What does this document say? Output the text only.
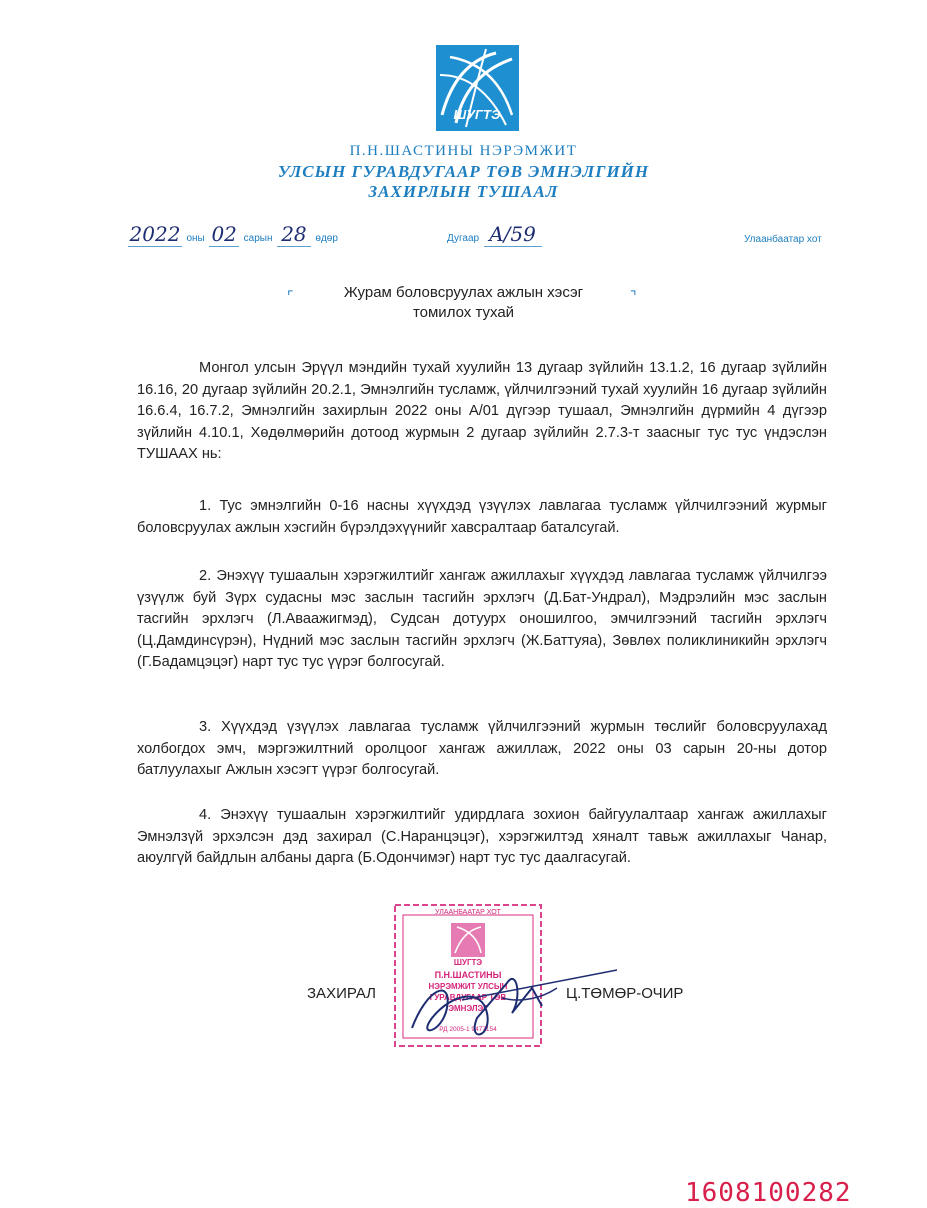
ШУГТЭ
П.Н.ШАСТИНЫ НЭРЭМЖИТ
УЛСЫН ГУРАВДУГААР ТӨВ ЭМНЭЛГИЙН
ЗАХИРЛЫН ТУШААЛ
2022 оны 02 сарын 28 өдөр	Дугаар A/59	Улаанбаатар хот
⌜	⌝
Журам боловсруулах ажлын хэсэг
томилох тухай
Монгол улсын Эрүүл мэндийн тухай хуулийн 13 дугаар зүйлийн 13.1.2, 16 дугаар зүйлийн 16.16, 20 дугаар зүйлийн 20.2.1, Эмнэлгийн тусламж, үйлчилгээний тухай хуулийн 16 дугаар зүйлийн 16.6.4, 16.7.2, Эмнэлгийн захирлын 2022 оны А/01 дүгээр тушаал, Эмнэлгийн дүрмийн 4 дүгээр зүйлийн 4.10.1, Хөдөлмөрийн дотоод журмын 2 дугаар зүйлийн 2.7.3-т заасныг тус тус үндэслэн ТУШААХ нь:
1. Тус эмнэлгийн 0-16 насны хүүхдэд үзүүлэх лавлагаа тусламж үйлчилгээний журмыг боловсруулах ажлын хэсгийн бүрэлдэхүүнийг хавсралтаар баталсугай.
2. Энэхүү тушаалын хэрэгжилтийг хангаж ажиллахыг хүүхдэд лавлагаа тусламж үйлчилгээ үзүүлж буй Зүрх судасны мэс заслын тасгийн эрхлэгч (Д.Бат-Ундрал), Мэдрэлийн мэс заслын тасгийн эрхлэгч (Л.Аваажигмэд), Судсан дотуурх оношилгоо, эмчилгээний тасгийн эрхлэгч (Ц.Дамдинсүрэн), Нүдний мэс заслын тасгийн эрхлэгч (Ж.Баттуяа), Зөвлөх поликлиникийн эрхлэгч (Г.Бадамцэцэг) нарт тус тус үүрэг болгосугай.
3. Хүүхдэд үзүүлэх лавлагаа тусламж үйлчилгээний журмын төслийг боловсруулахад холбогдох эмч, мэргэжилтний оролцоог хангаж ажиллаж, 2022 оны 03 сарын 20-ны дотор батлуулахыг Ажлын хэсэгт үүрэг болгосугай.
4. Энэхүү тушаалын хэрэгжилтийг удирдлага зохион байгуулалтаар хангаж ажиллахыг Эмнэлзүй эрхэлсэн дэд захирал (С.Наранцэцэг), хэрэгжилтэд хяналт тавьж ажиллахыг Чанар, аюулгүй байдлын албаны дарга (Б.Одончимэг) нарт тус тус даалгасугай.
УЛААНБААТАР ХОТ
ШУГТЭ
П.Н.ШАСТИНЫ
НЭРЭМЖИТ УЛСЫН
ГУРАВДУГААР ТӨВ
ЭМНЭЛЭГ
РД 2005-1 9477154
ЗАХИРАЛ	Ц.ТӨМӨР-ОЧИР
1608100282
